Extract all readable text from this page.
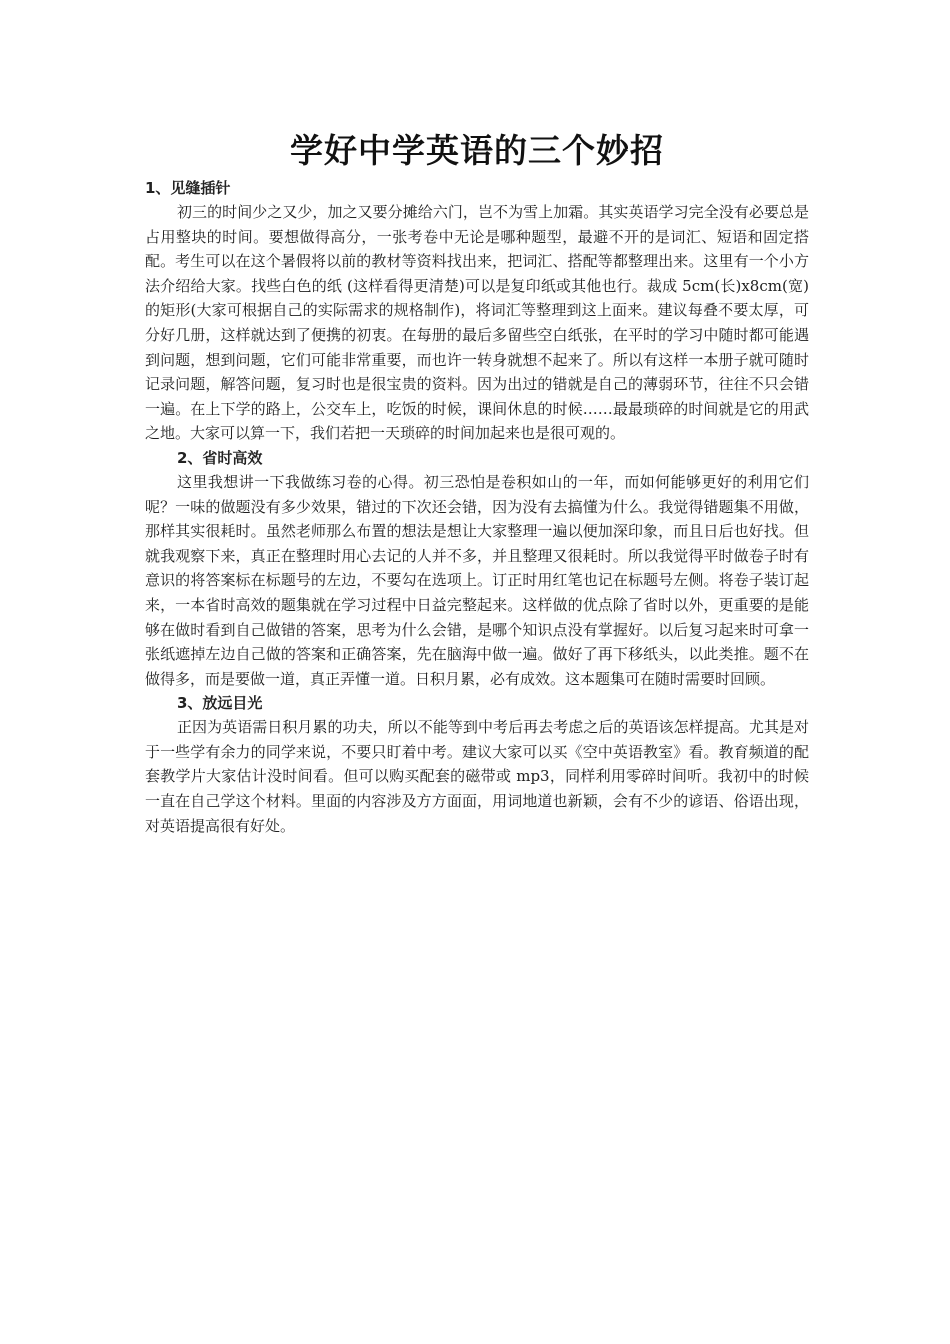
学好中学英语的三个妙招
1、见缝插针

初三的时间少之又少，加之又要分摊给六门，岂不为雪上加霜。其实英语学习完全没有必要总是占用整块的时间。要想做得高分，一张考卷中无论是哪种题型，最避不开的是词汇、短语和固定搭配。考生可以在这个暑假将以前的教材等资料找出来，把词汇、搭配等都整理出来。这里有一个小方法介绍给大家。找些白色的纸 (这样看得更清楚)可以是复印纸或其他也行。裁成 5cm(长)x8cm(宽)的矩形(大家可根据自己的实际需求的规格制作)，将词汇等整理到这上面来。建议每叠不要太厚，可分好几册，这样就达到了便携的初衷。在每册的最后多留些空白纸张，在平时的学习中随时都可能遇到问题，想到问题，它们可能非常重要，而也许一转身就想不起来了。所以有这样一本册子就可随时记录问题，解答问题，复习时也是很宝贵的资料。因为出过的错就是自己的薄弱环节，往往不只会错一遍。在上下学的路上，公交车上，吃饭的时候，课间休息的时候……最最琐碎的时间就是它的用武之地。大家可以算一下，我们若把一天琐碎的时间加起来也是很可观的。

2、省时高效

这里我想讲一下我做练习卷的心得。初三恐怕是卷积如山的一年，而如何能够更好的利用它们呢？一味的做题没有多少效果，错过的下次还会错，因为没有去搞懂为什么。我觉得错题集不用做，那样其实很耗时。虽然老师那么布置的想法是想让大家整理一遍以便加深印象，而且日后也好找。但就我观察下来，真正在整理时用心去记的人并不多，并且整理又很耗时。所以我觉得平时做卷子时有意识的将答案标在标题号的左边，不要勾在选项上。订正时用红笔也记在标题号左侧。将卷子装订起来，一本省时高效的题集就在学习过程中日益完整起来。这样做的优点除了省时以外，更重要的是能够在做时看到自己做错的答案，思考为什么会错，是哪个知识点没有掌握好。以后复习起来时可拿一张纸遮掉左边自己做的答案和正确答案，先在脑海中做一遍。做好了再下移纸头，以此类推。题不在做得多，而是要做一道，真正弄懂一道。日积月累，必有成效。这本题集可在随时需要时回顾。

3、放远目光

正因为英语需日积月累的功夫，所以不能等到中考后再去考虑之后的英语该怎样提高。尤其是对于一些学有余力的同学来说，不要只盯着中考。建议大家可以买《空中英语教室》看。教育频道的配套教学片大家估计没时间看。但可以购买配套的磁带或 mp3，同样利用零碎时间听。我初中的时候一直在自己学这个材料。里面的内容涉及方方面面，用词地道也新颖，会有不少的谚语、俗语出现，对英语提高很有好处。
